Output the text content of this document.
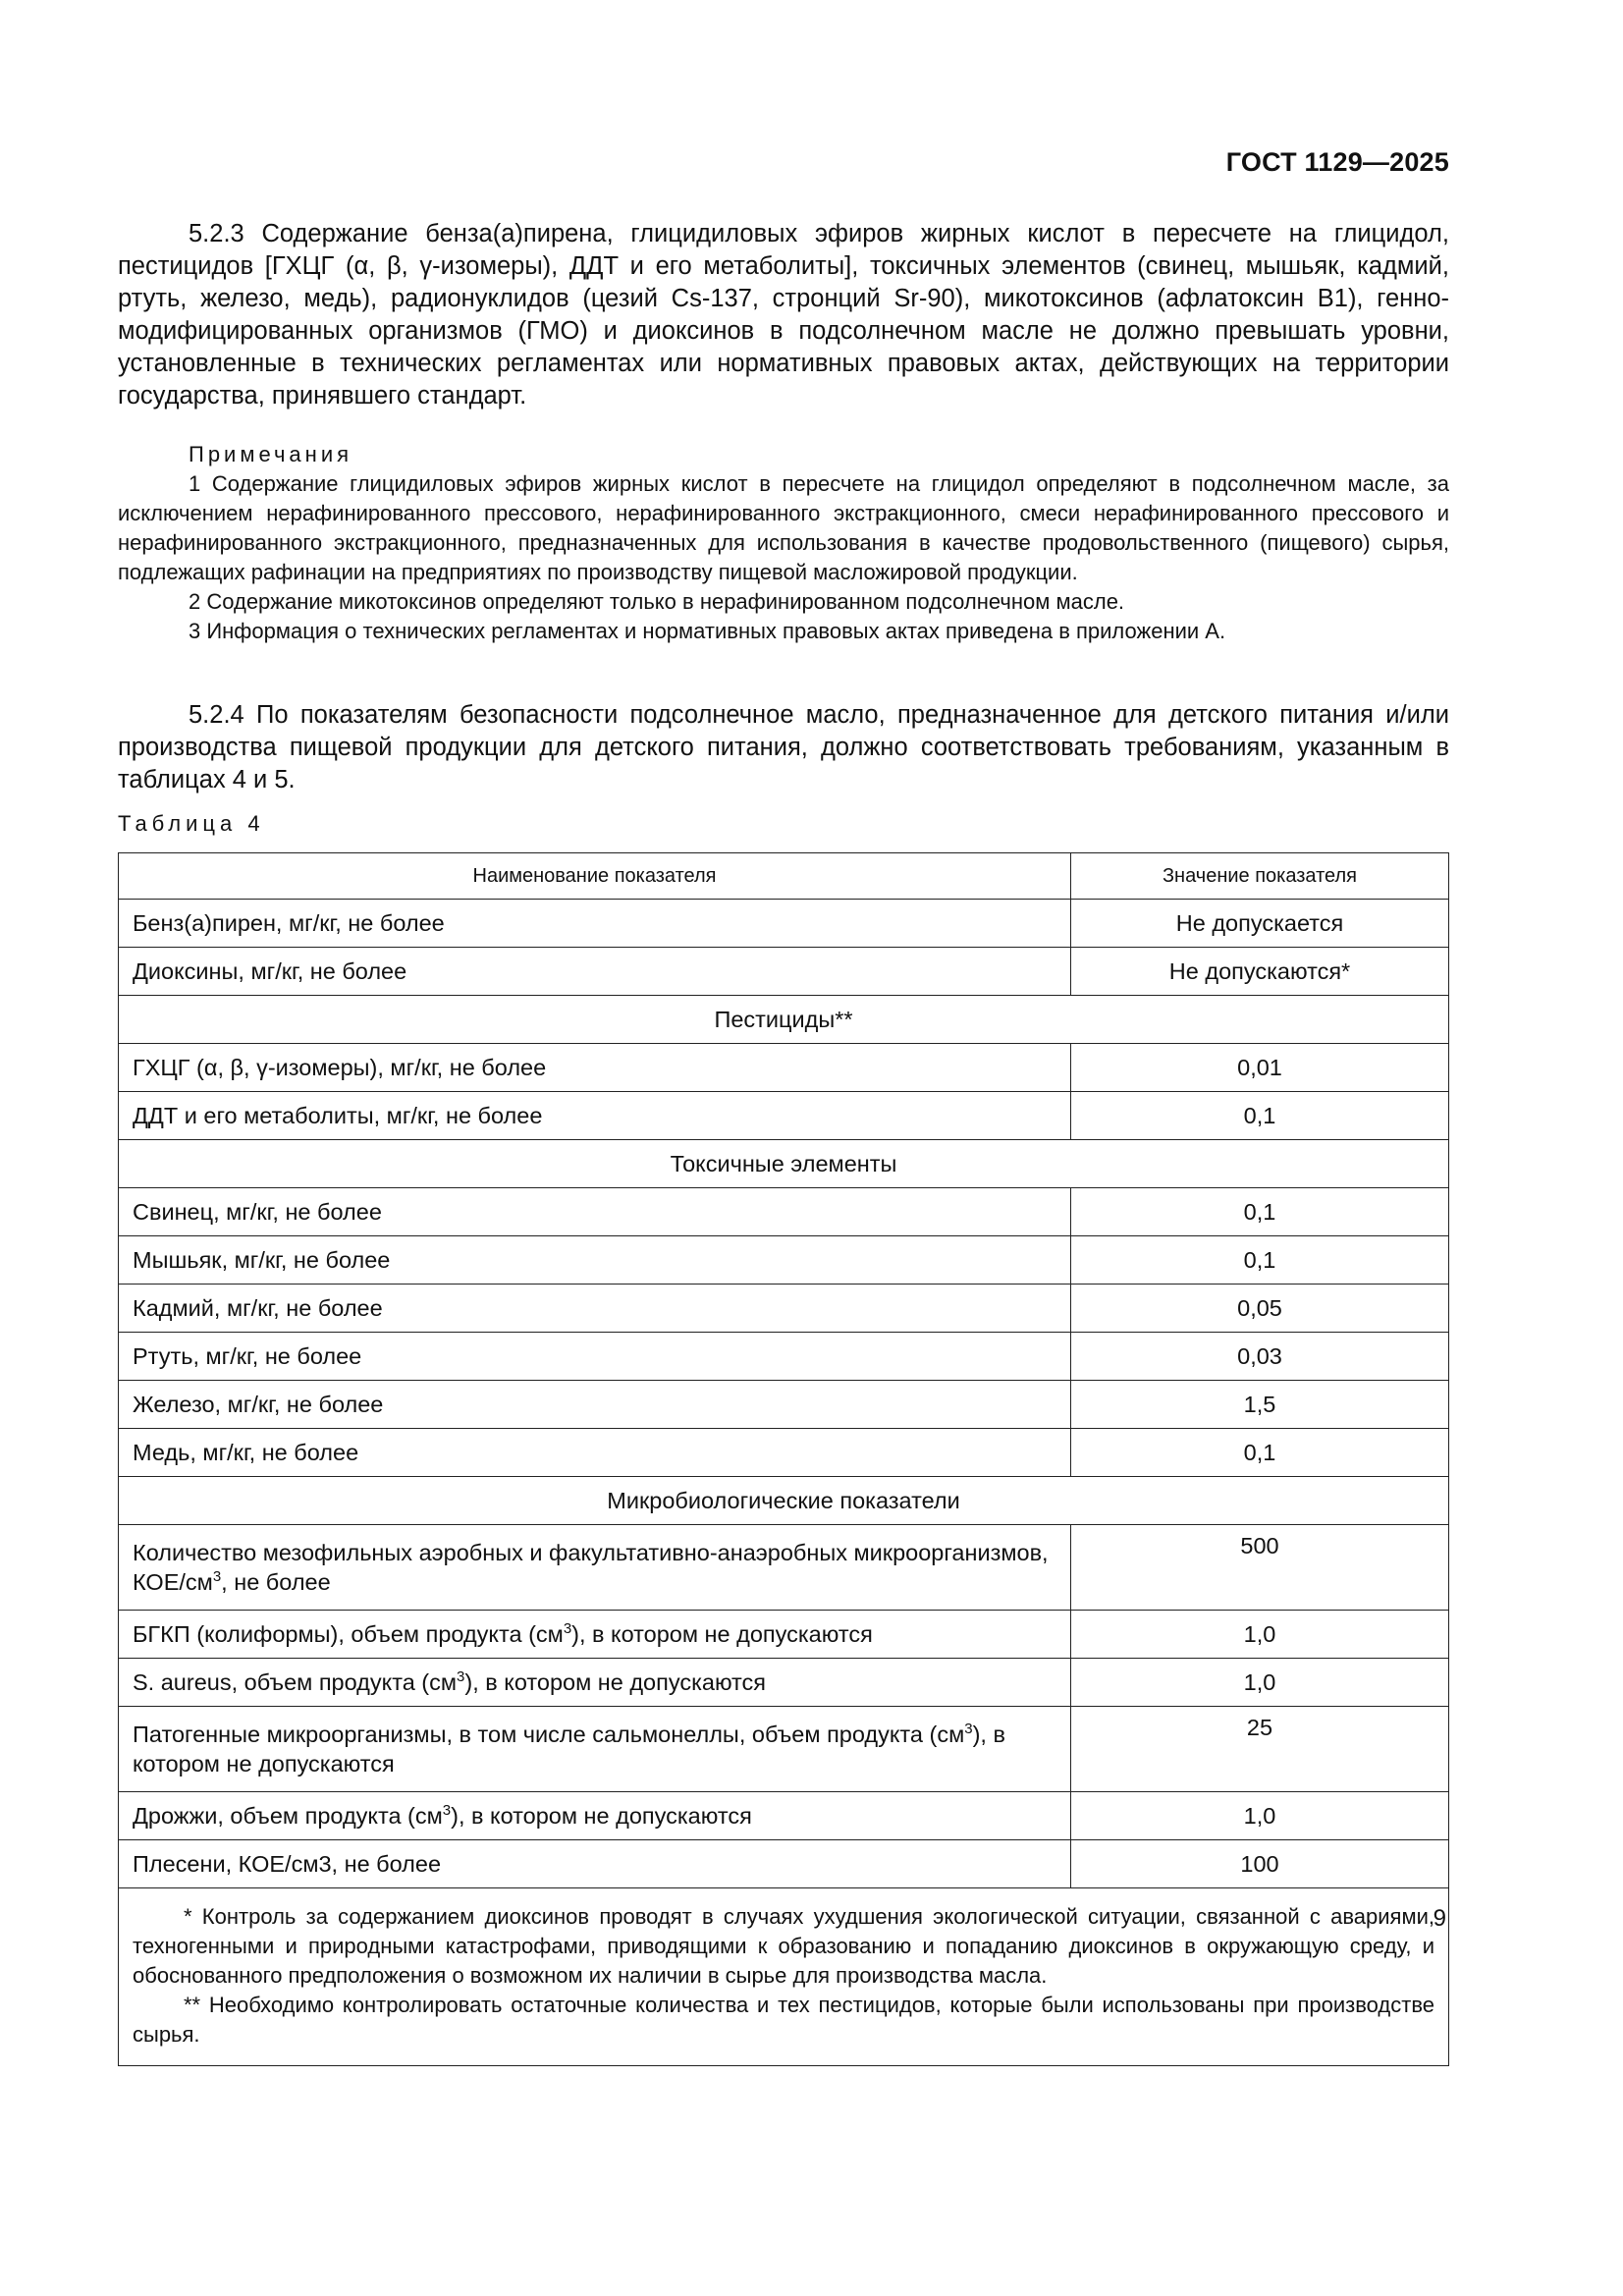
ГОСТ 1129—2025
5.2.3 Содержание бенза(а)пирена, глицидиловых эфиров жирных кислот в пересчете на глицидол, пестицидов [ГХЦГ (α, β, γ-изомеры), ДДТ и его метаболиты], токсичных элементов (свинец, мышьяк, кадмий, ртуть, железо, медь), радионуклидов (цезий Cs-137, стронций Sr-90), микотоксинов (афлатоксин В1), генно-модифицированных организмов (ГМО) и диоксинов в подсолнечном масле не должно превышать уровни, установленные в технических регламентах или нормативных правовых актах, действующих на территории государства, принявшего стандарт.
Примечания

1 Содержание глицидиловых эфиров жирных кислот в пересчете на глицидол определяют в подсолнечном масле, за исключением нерафинированного прессового, нерафинированного экстракционного, смеси нерафинированного прессового и нерафинированного экстракционного, предназначенных для использования в качестве продовольственного (пищевого) сырья, подлежащих рафинации на предприятиях по производству пищевой масложировой продукции.

2 Содержание микотоксинов определяют только в нерафинированном подсолнечном масле.

3 Информация о технических регламентах и нормативных правовых актах приведена в приложении А.

5.2.4 По показателям безопасности подсолнечное масло, предназначенное для детского питания и/или производства пищевой продукции для детского питания, должно соответствовать требованиям, указанным в таблицах 4 и 5.
Таблица 4
Наименование показателя	Значение показателя
Бенз(а)пирен, мг/кг, не более	Не допускается
Диоксины, мг/кг, не более	Не допускаются*
Пестициды**	
ГХЦГ (α, β, γ-изомеры), мг/кг, не более	0,01
ДДТ и его метаболиты, мг/кг, не более	0,1
Токсичные элементы	
Свинец, мг/кг, не более	0,1
Мышьяк, мг/кг, не более	0,1
Кадмий, мг/кг, не более	0,05
Ртуть, мг/кг, не более	0,03
Железо, мг/кг, не более	1,5
Медь, мг/кг, не более	0,1
Микробиологические показатели	
Количество мезофильных аэробных и факультативно-анаэробных микроорганизмов, КОЕ/$см^3$, не более	500
БГКП (колиформы), объем продукта $(см^3)$, в котором не допускаются	1,0
S. aureus, объем продукта $(см^3)$, в котором не допускаются	1,0
Патогенные микроорганизмы, в том числе сальмонеллы, объем продукта $(см^3)$, в котором не допускаются	25
Дрожжи, объем продукта $(см^3)$, в котором не допускаются	1,0
Плесени, КОЕ/см3, не более	100

* Контроль за содержанием диоксинов проводят в случаях ухудшения экологической ситуации, связанной с авариями, техногенными и природными катастрофами, приводящими к образованию и попаданию диоксинов в окружающую среду, и обоснованного предположения о возможном их наличии в сырье для производства масла.

** Необходимо контролировать остаточные количества и тех пестицидов, которые были использованы при производстве сырья.	

9
